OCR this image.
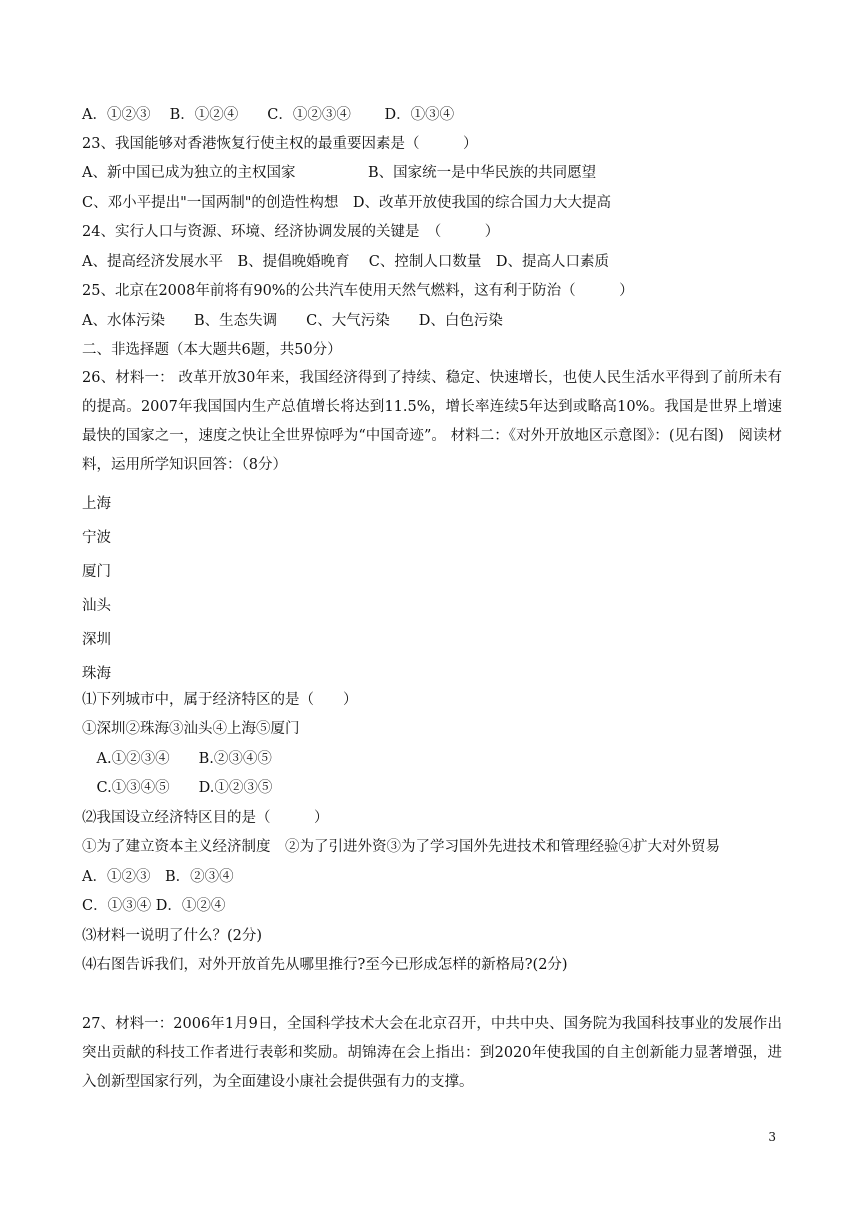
A．①②③　 B．①②④　　C．①②③④　　 D．①③④
23、我国能够对香港恢复行使主权的最重要因素是（　　　）
A、新中国已成为独立的主权国家　　　　　B、国家统一是中华民族的共同愿望
C、邓小平提出"一国两制"的创造性构想　D、改革开放使我国的综合国力大大提高
24、实行人口与资源、环境、经济协调发展的关键是　（　　　）
A、提高经济发展水平　B、提倡晚婚晚育　 C、控制人口数量　D、提高人口素质
25、北京在2008年前将有90%的公共汽车使用天然气燃料，这有利于防治（　　　）
A、水体污染　　B、生态失调　　C、大气污染　　D、白色污染
二、非选择题（本大题共6题，共50分）
26、材料一： 改革开放30年来，我国经济得到了持续、稳定、快速增长，也使人民生活水平得到了前所未有的提高。2007年我国国内生产总值增长将达到11.5%，增长率连续5年达到或略高10%。我国是世界上增速最快的国家之一，速度之快让全世界惊呼为“中国奇迹”。 材料二：《对外开放地区示意图》：(见右图)　阅读材料，运用所学知识回答：（8分）
上海
宁波
厦门
汕头
深圳
珠海
⑴下列城市中，属于经济特区的是（　　）
①深圳②珠海③汕头④上海⑤厦门
　A.①②③④　　B.②③④⑤
　C.①③④⑤　　D.①②③⑤
⑵我国设立经济特区目的是（　　　）
①为了建立资本主义经济制度　②为了引进外资③为了学习国外先进技术和管理经验④扩大对外贸易
A．①②③　B．②③④
C．①③④ D．①②④
⑶材料一说明了什么？(2分)
⑷右图告诉我们，对外开放首先从哪里推行?至今已形成怎样的新格局?(2分)
27、材料一：2006年1月9日，全国科学技术大会在北京召开，中共中央、国务院为我国科技事业的发展作出突出贡献的科技工作者进行表彰和奖励。胡锦涛在会上指出：到2020年使我国的自主创新能力显著增强，进入创新型国家行列，为全面建设小康社会提供强有力的支撑。
3
